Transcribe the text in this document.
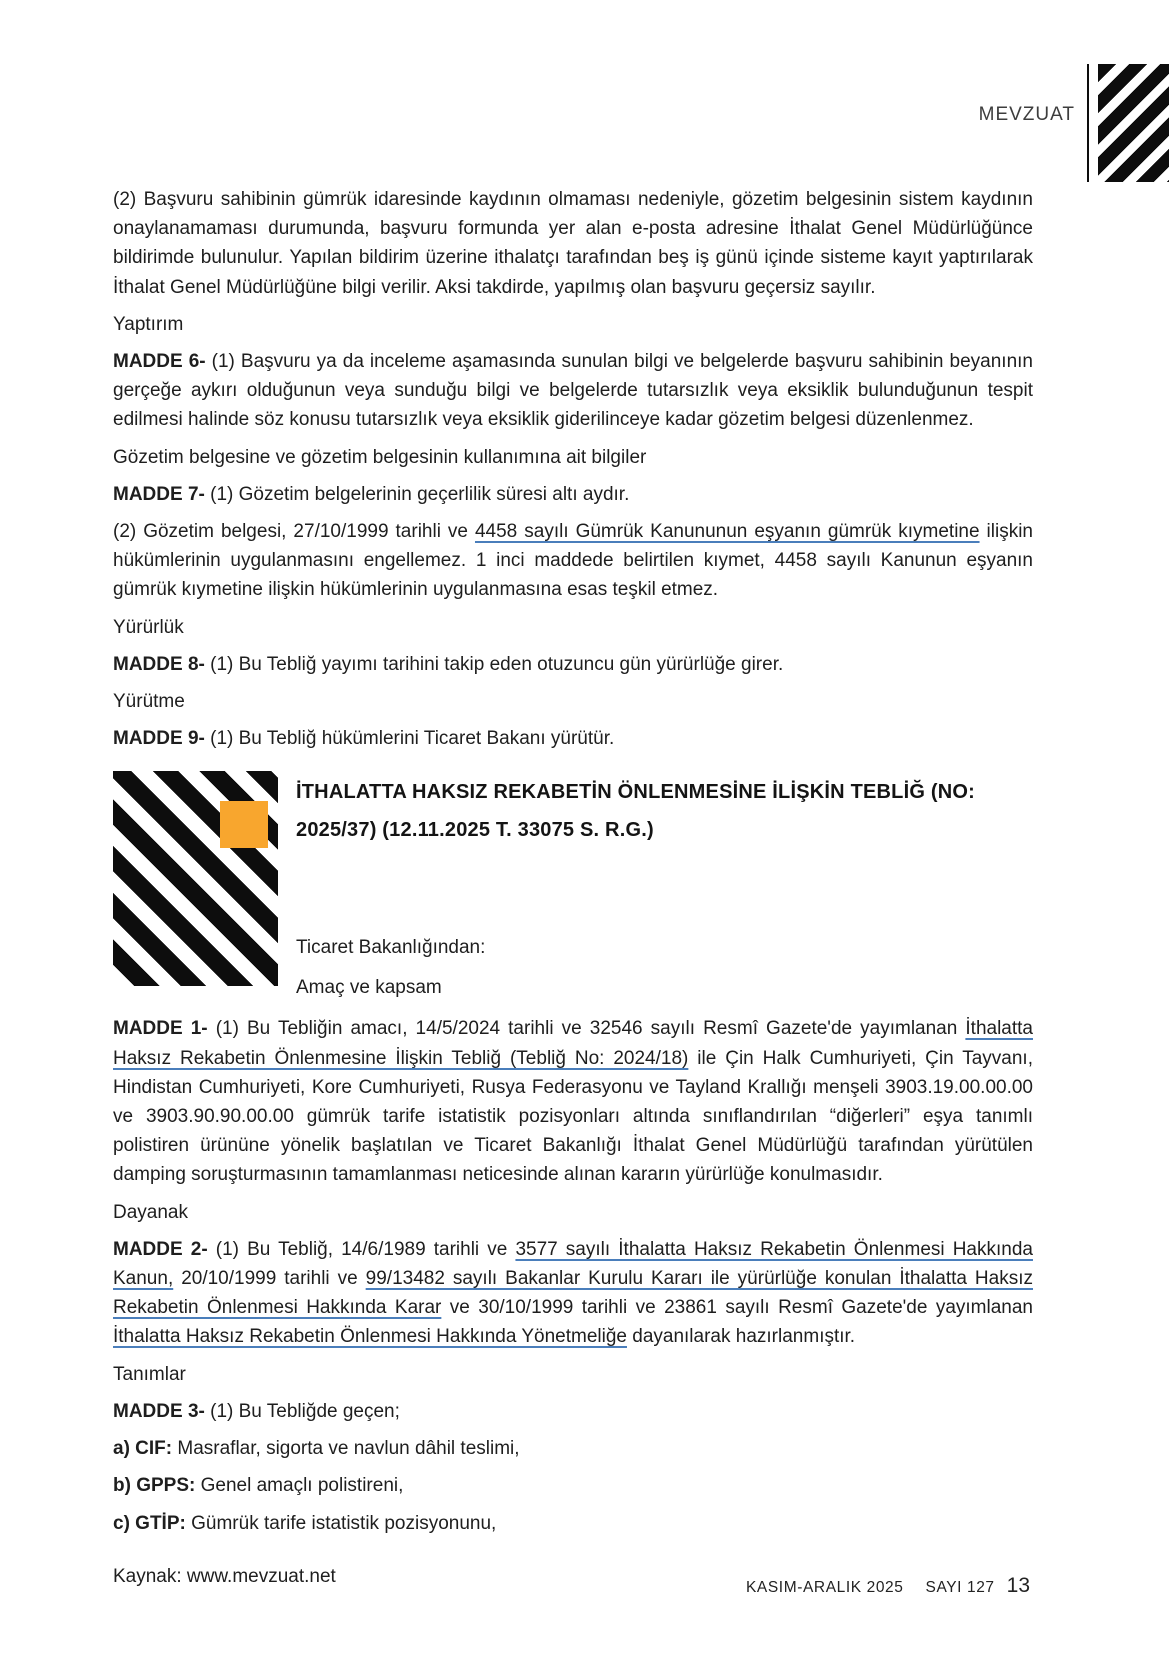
MEVZUAT

(2) Başvuru sahibinin gümrük idaresinde kaydının olmaması nedeniyle, gözetim belgesinin sistem kaydının onaylanamaması durumunda, başvuru formunda yer alan e-posta adresine İthalat Genel Müdürlüğünce bildirimde bulunulur. Yapılan bildirim üzerine ithalatçı tarafından beş iş günü içinde sisteme kayıt yaptırılarak İthalat Genel Müdürlüğüne bilgi verilir. Aksi takdirde, yapılmış olan başvuru geçersiz sayılır.

Yaptırım

MADDE 6- (1) Başvuru ya da inceleme aşamasında sunulan bilgi ve belgelerde başvuru sahibinin beyanının gerçeğe aykırı olduğunun veya sunduğu bilgi ve belgelerde tutarsızlık veya eksiklik bulunduğunun tespit edilmesi halinde söz konusu tutarsızlık veya eksiklik giderilinceye kadar gözetim belgesi düzenlenmez.

Gözetim belgesine ve gözetim belgesinin kullanımına ait bilgiler

MADDE 7- (1) Gözetim belgelerinin geçerlilik süresi altı aydır.

(2) Gözetim belgesi, 27/10/1999 tarihli ve 4458 sayılı Gümrük Kanununun eşyanın gümrük kıymetine ilişkin hükümlerinin uygulanmasını engellemez. 1 inci maddede belirtilen kıymet, 4458 sayılı Kanunun eşyanın gümrük kıymetine ilişkin hükümlerinin uygulanmasına esas teşkil etmez.

Yürürlük

MADDE 8- (1) Bu Tebliğ yayımı tarihini takip eden otuzuncu gün yürürlüğe girer.

Yürütme

MADDE 9- (1) Bu Tebliğ hükümlerini Ticaret Bakanı yürütür.

İTHALATTA HAKSIZ REKABETİN ÖNLENMESİNE İLİŞKİN TEBLİĞ (NO: 2025/37) (12.11.2025 T. 33075 S. R.G.)

Ticaret Bakanlığından:

Amaç ve kapsam

MADDE 1- (1) Bu Tebliğin amacı, 14/5/2024 tarihli ve 32546 sayılı Resmî Gazete'de yayımlanan İthalatta Haksız Rekabetin Önlenmesine İlişkin Tebliğ (Tebliğ No: 2024/18) ile Çin Halk Cumhuriyeti, Çin Tayvanı, Hindistan Cumhuriyeti, Kore Cumhuriyeti, Rusya Federasyonu ve Tayland Krallığı menşeli 3903.19.00.00.00 ve 3903.90.90.00.00 gümrük tarife istatistik pozisyonları altında sınıflandırılan “diğerleri” eşya tanımlı polistiren ürününe yönelik başlatılan ve Ticaret Bakanlığı İthalat Genel Müdürlüğü tarafından yürütülen damping soruşturmasının tamamlanması neticesinde alınan kararın yürürlüğe konulmasıdır.

Dayanak

MADDE 2- (1) Bu Tebliğ, 14/6/1989 tarihli ve 3577 sayılı İthalatta Haksız Rekabetin Önlenmesi Hakkında Kanun, 20/10/1999 tarihli ve 99/13482 sayılı Bakanlar Kurulu Kararı ile yürürlüğe konulan İthalatta Haksız Rekabetin Önlenmesi Hakkında Karar ve 30/10/1999 tarihli ve 23861 sayılı Resmî Gazete'de yayımlanan İthalatta Haksız Rekabetin Önlenmesi Hakkında Yönetmeliğe dayanılarak hazırlanmıştır.

Tanımlar

MADDE 3- (1) Bu Tebliğde geçen;

a) CIF: Masraflar, sigorta ve navlun dâhil teslimi,

b) GPPS: Genel amaçlı polistireni,

c) GTİP: Gümrük tarife istatistik pozisyonunu,

Kaynak: www.mevzuat.net

KASIM-ARALIK 2025 SAYI 127 13
